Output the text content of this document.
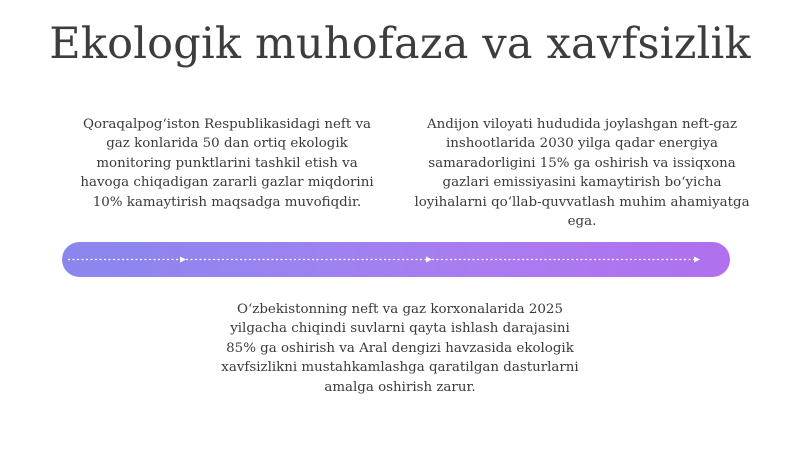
Ekologik muhofaza va xavfsizlik
Qoraqalpog‘iston Respublikasidagi neft va gaz konlarida 50 dan ortiq ekologik monitoring punktlarini tashkil etish va havoga chiqadigan zararli gazlar miqdorini 10% kamaytirish maqsadga muvofiqdir.
Andijon viloyati hududida joylashgan neft-gaz inshootlarida 2030 yilga qadar energiya samaradorligini 15% ga oshirish va issiqxona gazlari emissiyasini kamaytirish bo‘yicha loyihalarni qo‘llab-quvvatlash muhim ahamiyatga ega.
O‘zbekistonning neft va gaz korxonalarida 2025 yilgacha chiqindi suvlarni qayta ishlash darajasini 85% ga oshirish va Aral dengizi havzasida ekologik xavfsizlikni mustahkamlashga qaratilgan dasturlarni amalga oshirish zarur.
